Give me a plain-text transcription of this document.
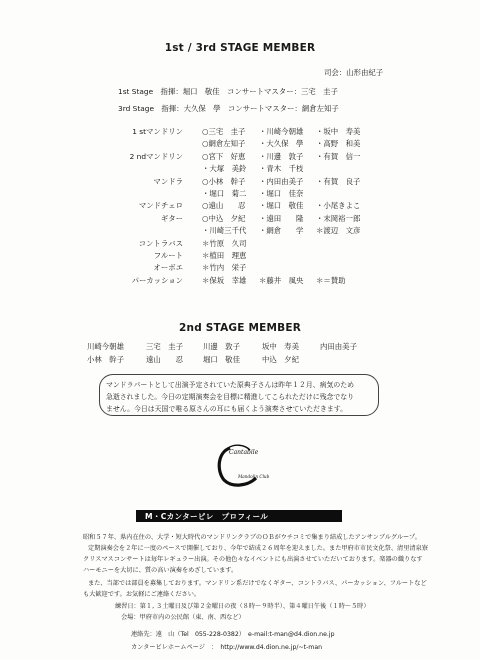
1st / 3rd STAGE MEMBER
司会：山形由紀子
1st Stage　指揮：堀口　敬佳　コンサートマスター：三宅　圭子
3rd Stage　指揮：大久保　學　コンサートマスター：網倉左知子
1 stマンドリン	○三宅　圭子 ・川崎今朝雄 ・坂中　寿美
○網倉左知子 ・大久保　學 ・高野　和美
2 ndマンドリン	○宮下　好恵 ・川邊　敦子 ・有賀　信一
・大塚　美鈴 ・青木　千枝
マンドラ	○小林　幹子 ・内田由美子 ・有賀　良子
・堀口　菊二 ・堀口　佳奈
マンドチェロ	○遠山　　忍 ・堀口　敬佳 ・小尾きよこ
ギター	○中込　夕紀 ・遠田　　隆 ・末岡裕一郎
・川崎三千代 ・網倉　　学 ＊渡辺　文彦
コントラバス	＊竹原　久司
フルート	＊植田　理恵
オーボエ	＊竹内　栄子
パーカッション	＊保坂　幸雄 ＊藤井　風央 ＊＝賛助
2nd STAGE MEMBER
川崎今朝雄	三宅　圭子	川邊　敦子	坂中　寿美	内田由美子
小林　幹子	遠山　　忍	堀口　敬佳	中込　夕紀
マンドラパートとして出演予定されていた原典子さんは昨年１２月、病気のため
急逝されました。今日の定期演奏会を目標に精進してこられただけに残念でなり
ません。今日は天国で唯る原さんの耳にも届くよう演奏させていただきます。
Cantabile
Mandolin Club
M・Cカンタービレ　プロフィール
昭和５７年、県内在住の、大学・短大時代のマンドリンクラブのＯＢがウチコミで集まり結成したアンサンブルグループ。
定期演奏会を２年に一度のペースで開催しており、今年で結成２６周年を迎えました。また甲府市市民文化祭、清里清泉寮
クリスマスコンサートは毎年レギュラー出演。その他色々なイベントにも出演させていただいております。楽器の織りなす
ハーモニーを大切に、質の高い演奏をめざしています。
また、当部では部員を募集しております。マンドリン系だけでなくギター、コントラバス、パーカッション、フルートなど
も大歓迎です。お気軽にご連絡ください。
練習日：第１, ３土曜日及び第２金曜日の夜（８時～９時半）、第４曜日午後（１時～５時）
会場：甲府市内の公民館（東、南、西など）
連絡先：遠　山（Tel　055-228-0382）　e-mail:t-man@d4.dion.ne.jp
カンタービレホームページ　：　http://www.d4.dion.ne.jp/~t-man
